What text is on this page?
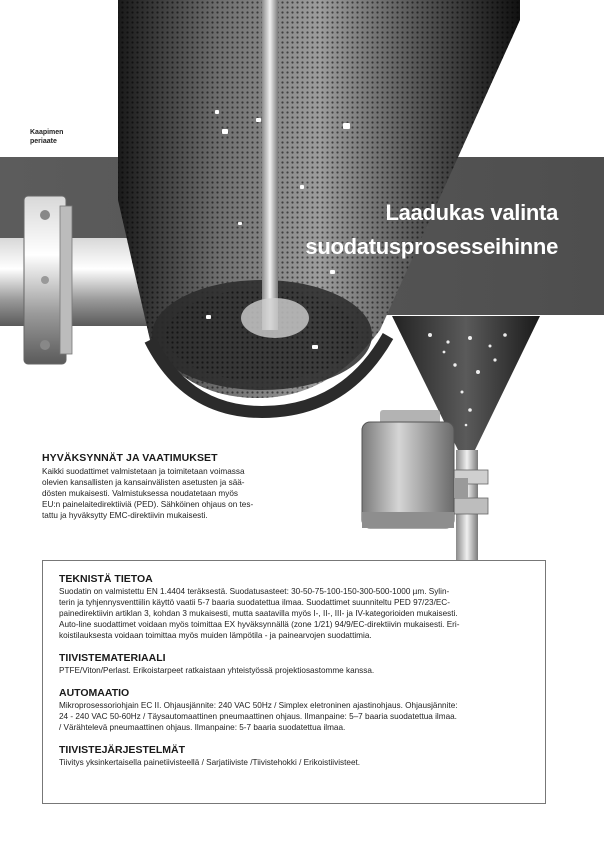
Kaapimen periaate
Laadukas valinta
suodatusprosesseihinne
HYVÄKSYNNÄT JA VAATIMUKSET

Kaikki suodattimet valmistetaan ja toimitetaan voimassa
olevien kansallisten ja kansainvälisten asetusten ja sää-
dösten mukaisesti. Valmistuksessa noudatetaan myös
EU:n painelaitedirektiiviä (PED). Sähköinen ohjaus on tes-
tattu ja hyväksytty EMC-direktiivin mukaisesti.

TEKNISTÄ TIETOA

Suodatin on valmistettu EN 1.4404 teräksestä. Suodatusasteet: 30-50-75-100-150-300-500-1000 µm. Sylin-
terin ja tyhjennysventtiilin käyttö vaatii 5-7 baaria suodatettua ilmaa. Suodattimet suunniteltu PED 97/23/EC-
painedirektiivin artiklan 3, kohdan 3 mukaisesti, mutta saatavilla myös I-, II-, III- ja IV-kategorioiden mukaisesti.
Auto-line suodattimet voidaan myös toimittaa EX hyväksynnällä (zone 1/21) 94/9/EC-direktiivin mukaisesti. Eri-
koistilauksesta voidaan toimittaa myös muiden lämpötila - ja painearvojen suodattimia.

TIIVISTEMATERIAALI

PTFE/Viton/Perlast. Erikoistarpeet ratkaistaan yhteistyössä projektiosastomme kanssa.

AUTOMAATIO

Mikroprosessoriohjain EC II. Ohjausjännite: 240 VAC 50Hz / Simplex eletroninen ajastinohjaus. Ohjausjännite:
24 - 240 VAC 50-60Hz / Täysautomaattinen pneumaattinen ohjaus. Ilmanpaine: 5–7 baaria suodatettua ilmaa.
/ Värähtelevä pneumaattinen ohjaus. Ilmanpaine: 5-7 baaria suodatettua ilmaa.

TIIVISTEJÄRJESTELMÄT

Tiivitys yksinkertaisella painetiivisteellä / Sarjatiiviste /Tiivistehokki / Erikoistiivisteet.
